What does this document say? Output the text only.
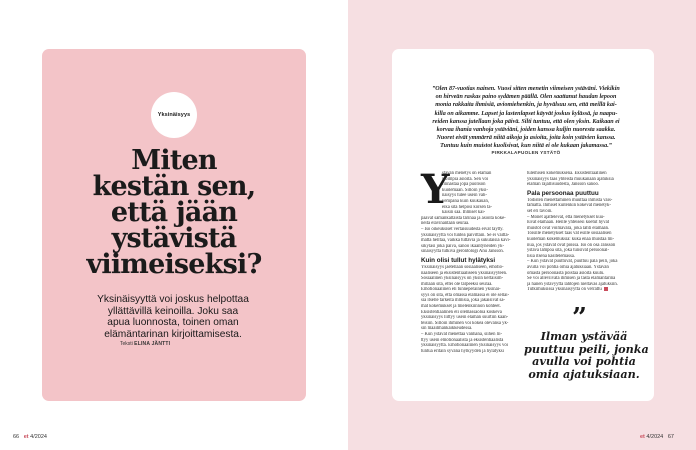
Yksinäisyys
Miten
kestän sen,
että jään
ystävistä
viimeiseksi?
Yksinäisyyttä voi joskus helpottaa
yllättävillä keinoilla. Joku saa
apua luonnosta, toinen oman
elämäntarinan kirjoittamisesta.
Teksti ELINA JÄNTTI
66 et 4/2024
”Olen 87-vuotias nainen. Vuosi sitten menetin viimeisen ystäväni. Viekikin
on hirveän raskas paino sydämen päällä. Olen saattanut haudan lepoon
monia rakkaita ihmisiä, aviomiehenkin, ja hyvälsuu sen, että meillä kai-
killa on aikamme. Lapset ja lastenlapset käyvät joskus kylässä, ja naapu-
reiden kanssa jutellaan joka päivä. Silti tuntuu, että olen yksin. Kaikaan ei
korvaa ihania vanhoja ystäviäni, joiden kanssa kuljin nuoresta saakka.
Nuoret eivät ymmärrä niitä aikoja ja asioita, joita koin ystävien kanssa.
Tuntuu kuin muistot kuolisivat, kun niitä ei ole kukaan jakamassa.”
PIRKKALAPUOLEN YSTÄTÖ
Y
stävän menetys on elämän
isoimpia asioita. Sen voi
rinnastaa jopa puolison
kuolemaan. Silloin yksi-
näisyys tulee usein vah-
vempana kuin kuukauan,
eikä sitä helposi korsen ta-
kaisin saa. Ihmiset kai-
paavat samankaltaista tarinaa ja asioita koke-
neita elävinantaan seuraa.
– Iso oikeuksiset vertaisuudesta eivät täytty.
yksinäisyyttä voi tuntea päivittäin. Se ei väittä-
mättä helltää, vaikka tuttavia ja sukulaisia kävi-
sikyläsi joka päivä, sanoo ikääntyneiden yk-
sinäisyyttä tutkiva gerontologi Anu Jansson.
Kuin olisi tullut hylätyksi
Yksinäisyys jaetellaan sosiaaliseen, emotio-
naaliseen ja eksistentiaaliseen yksinäisyyteen.
Sosiaalinen yksinäisyys on yksin kertaisim-
millaan sitä, ettei ole tarpeeksi seuraa.
Emotionaalinen eli tunneperäinen yksinäi-
syys on sitä, että omassa elämässä ei ole sellai-
sia itselle tärkeitä ihmisiä, joka jakaisivat sa-
mat kokemukset ja mielenkiinnon kohteet.
Eksistentiaalinen eli olemassaoloa koskeva
yksinäisyys liittyy usein elämän suurtiin kään-
teisiin. Silloin ihminen voi kokea olevansa yk-
sin maailmankaikkeudessa.
– Kun ystävät menettää vanhana, siihen lii-
ttyy usein emotionaalista ja eksistentiaalista
yksinäisyyttä. Emotionaalinen yksinäisyys voi
tuntua eritäin syvänä hylkyyden ja hylätyksi
tulemisen kokemuksena. Eksistentiaalinen
yksinäisyys taas yhteistä muukanaan ajatuksia
elämän rajallisuudesta, Jansson sanoo.
Pala persoonaa puuttuu
Todisten menettäminen muuttaa ihmistä väis-
tämättä. Ihmiset kuitenkin kokevat menetyk-
set eri tavoin.
– Monet ajattelevat, että menetykset kuu-
luvat elämään. Heille yhteisesi koetut hyvät
muistot ovat voimavara, joka lähti elämään.
Toisille menetykset taas vat esille sosiaalisen
kuoleman kokemuksia: kuka enää muistaa mi-
nua, jos ystävät ovat poissa. Iso on osa Jansson
ystävä lämpöä sitä, joka tunsivat persoonal-
lisia itsenä käsitelemässä.
– Kun ystävät puuttuvat, puuttuu pala peili, joka
avulla voi pohtia omia ajatuksiaan. Ystävän
omasta persoonasta poistaa asioita kuulu.
Se voi alleviivata ihmisen ja tästä elämäntarina
ja hänen ystävyyttä lähtöjen nieltäväs ajatuksiin.
Tutkimuksissa yksinäisyyttä on verrattu
”
Ilman ystävää
puuttuu peili, jonka
avulla voi pohtia
omia ajatuksiaan.
et 4/2024 67
